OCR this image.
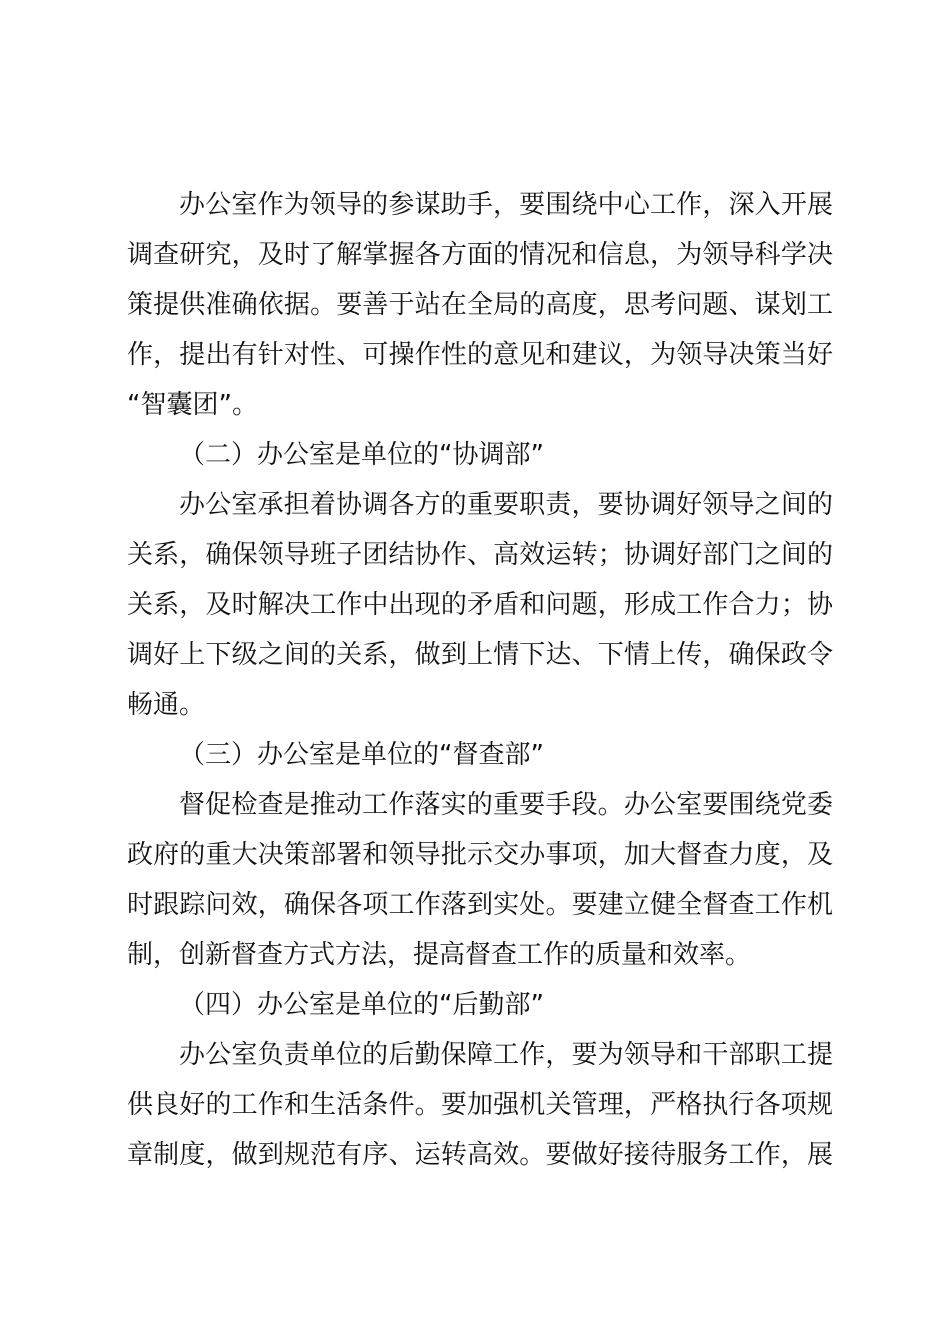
办公室作为领导的参谋助手，要围绕中心工作，深入开展
调查研究，及时了解掌握各方面的情况和信息，为领导科学决
策提供准确依据。要善于站在全局的高度，思考问题、谋划工
作，提出有针对性、可操作性的意见和建议，为领导决策当好
“智囊团”。
（二）办公室是单位的“协调部”
办公室承担着协调各方的重要职责，要协调好领导之间的
关系，确保领导班子团结协作、高效运转；协调好部门之间的
关系，及时解决工作中出现的矛盾和问题，形成工作合力；协
调好上下级之间的关系，做到上情下达、下情上传，确保政令
畅通。
（三）办公室是单位的“督查部”
督促检查是推动工作落实的重要手段。办公室要围绕党委
政府的重大决策部署和领导批示交办事项，加大督查力度，及
时跟踪问效，确保各项工作落到实处。要建立健全督查工作机
制，创新督查方式方法，提高督查工作的质量和效率。
（四）办公室是单位的“后勤部”
办公室负责单位的后勤保障工作，要为领导和干部职工提
供良好的工作和生活条件。要加强机关管理，严格执行各项规
章制度，做到规范有序、运转高效。要做好接待服务工作，展
